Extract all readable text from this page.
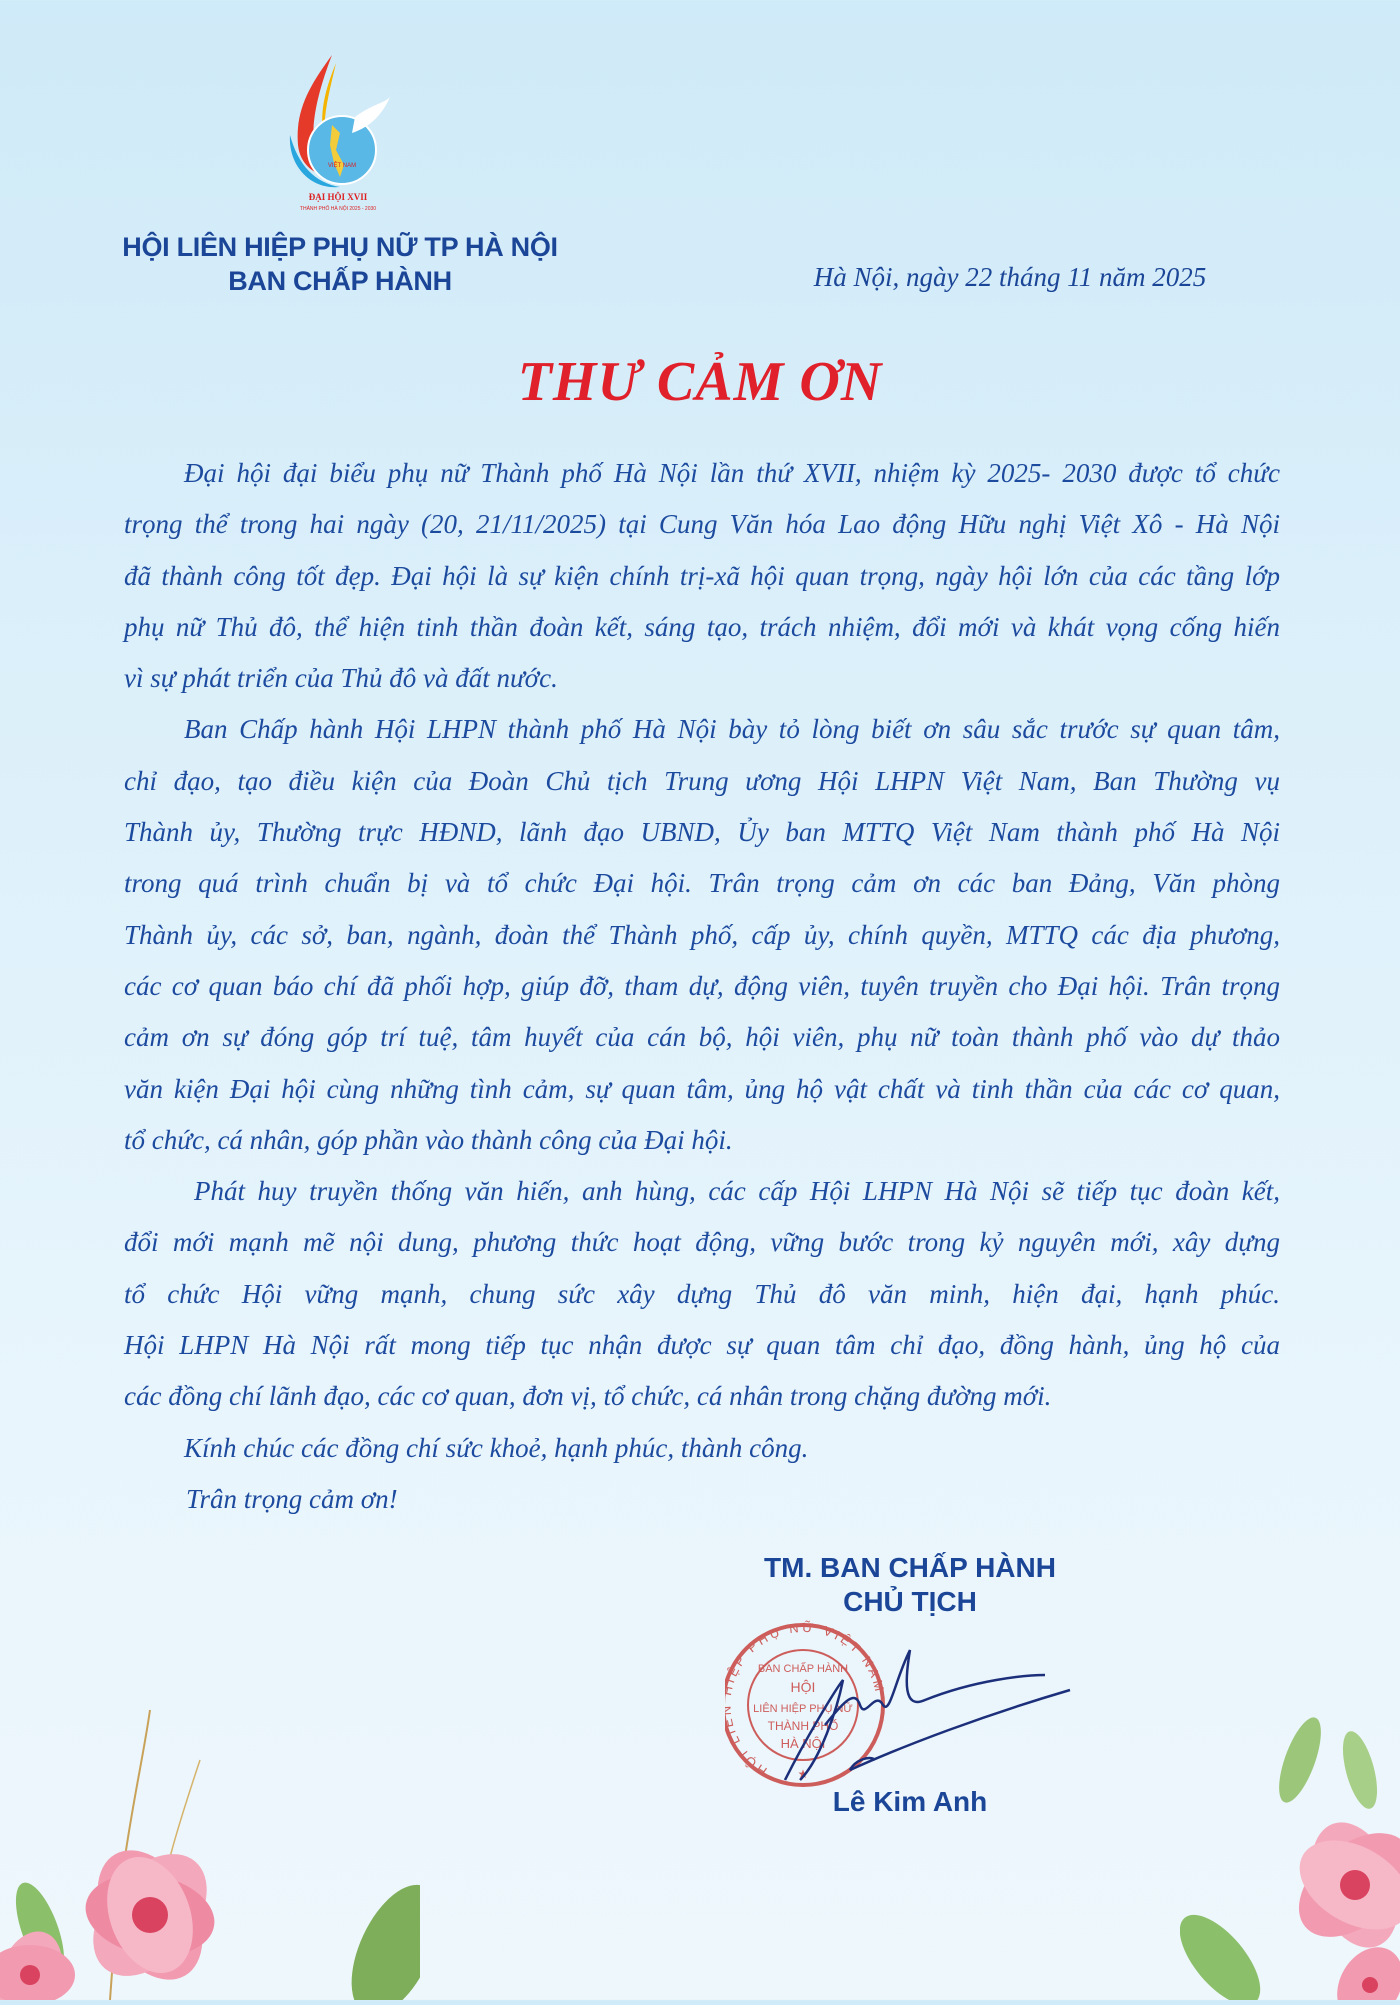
VIỆT NAM
ĐẠI HỘI XVII
THÀNH PHỐ HÀ NỘI 2025 - 2030
HỘI LIÊN HIỆP PHỤ NỮ TP HÀ NỘI
BAN CHẤP HÀNH	Hà Nội, ngày 22 tháng 11 năm 2025
THƯ CẢM ƠN
Đại hội đại biểu phụ nữ Thành phố Hà Nội lần thứ XVII, nhiệm kỳ 2025- 2030 được tổ chức
trọng thể trong hai ngày (20, 21/11/2025) tại Cung Văn hóa Lao động Hữu nghị Việt Xô - Hà Nội
đã thành công tốt đẹp. Đại hội là sự kiện chính trị-xã hội quan trọng, ngày hội lớn của các tầng lớp
phụ nữ Thủ đô, thể hiện tinh thần đoàn kết, sáng tạo, trách nhiệm, đổi mới và khát vọng cống hiến
vì sự phát triển của Thủ đô và đất nước.
Ban Chấp hành Hội LHPN thành phố Hà Nội bày tỏ lòng biết ơn sâu sắc trước sự quan tâm,
chỉ đạo, tạo điều kiện của Đoàn Chủ tịch Trung ương Hội LHPN Việt Nam, Ban Thường vụ
Thành ủy, Thường trực HĐND, lãnh đạo UBND, Ủy ban MTTQ Việt Nam thành phố Hà Nội
trong quá trình chuẩn bị và tổ chức Đại hội. Trân trọng cảm ơn các ban Đảng, Văn phòng
Thành ủy, các sở, ban, ngành, đoàn thể Thành phố, cấp ủy, chính quyền, MTTQ các địa phương,
các cơ quan báo chí đã phối hợp, giúp đỡ, tham dự, động viên, tuyên truyền cho Đại hội. Trân trọng
cảm ơn sự đóng góp trí tuệ, tâm huyết của cán bộ, hội viên, phụ nữ toàn thành phố vào dự thảo
văn kiện Đại hội cùng những tình cảm, sự quan tâm, ủng hộ vật chất và tinh thần của các cơ quan,
tổ chức, cá nhân, góp phần vào thành công của Đại hội.
Phát huy truyền thống văn hiến, anh hùng, các cấp Hội LHPN Hà Nội sẽ tiếp tục đoàn kết,
đổi mới mạnh mẽ nội dung, phương thức hoạt động, vững bước trong kỷ nguyên mới, xây dựng
tổ chức Hội vững mạnh, chung sức xây dựng Thủ đô văn minh, hiện đại, hạnh phúc.
Hội LHPN Hà Nội rất mong tiếp tục nhận được sự quan tâm chỉ đạo, đồng hành, ủng hộ của
các đồng chí lãnh đạo, các cơ quan, đơn vị, tổ chức, cá nhân trong chặng đường mới.
Kính chúc các đồng chí sức khoẻ, hạnh phúc, thành công.
Trân trọng cảm ơn!
TM. BAN CHẤP HÀNH
CHỦ TỊCH
HỘI L ỆP PHỤ NỮ VIỆT NAM
BAN CHẤP HÀNH
HỘI
LIÊN HIỆP PHỤ NỮ
THÀNH PHỐ
HÀ NỘI
★
Lê Kim Anh
